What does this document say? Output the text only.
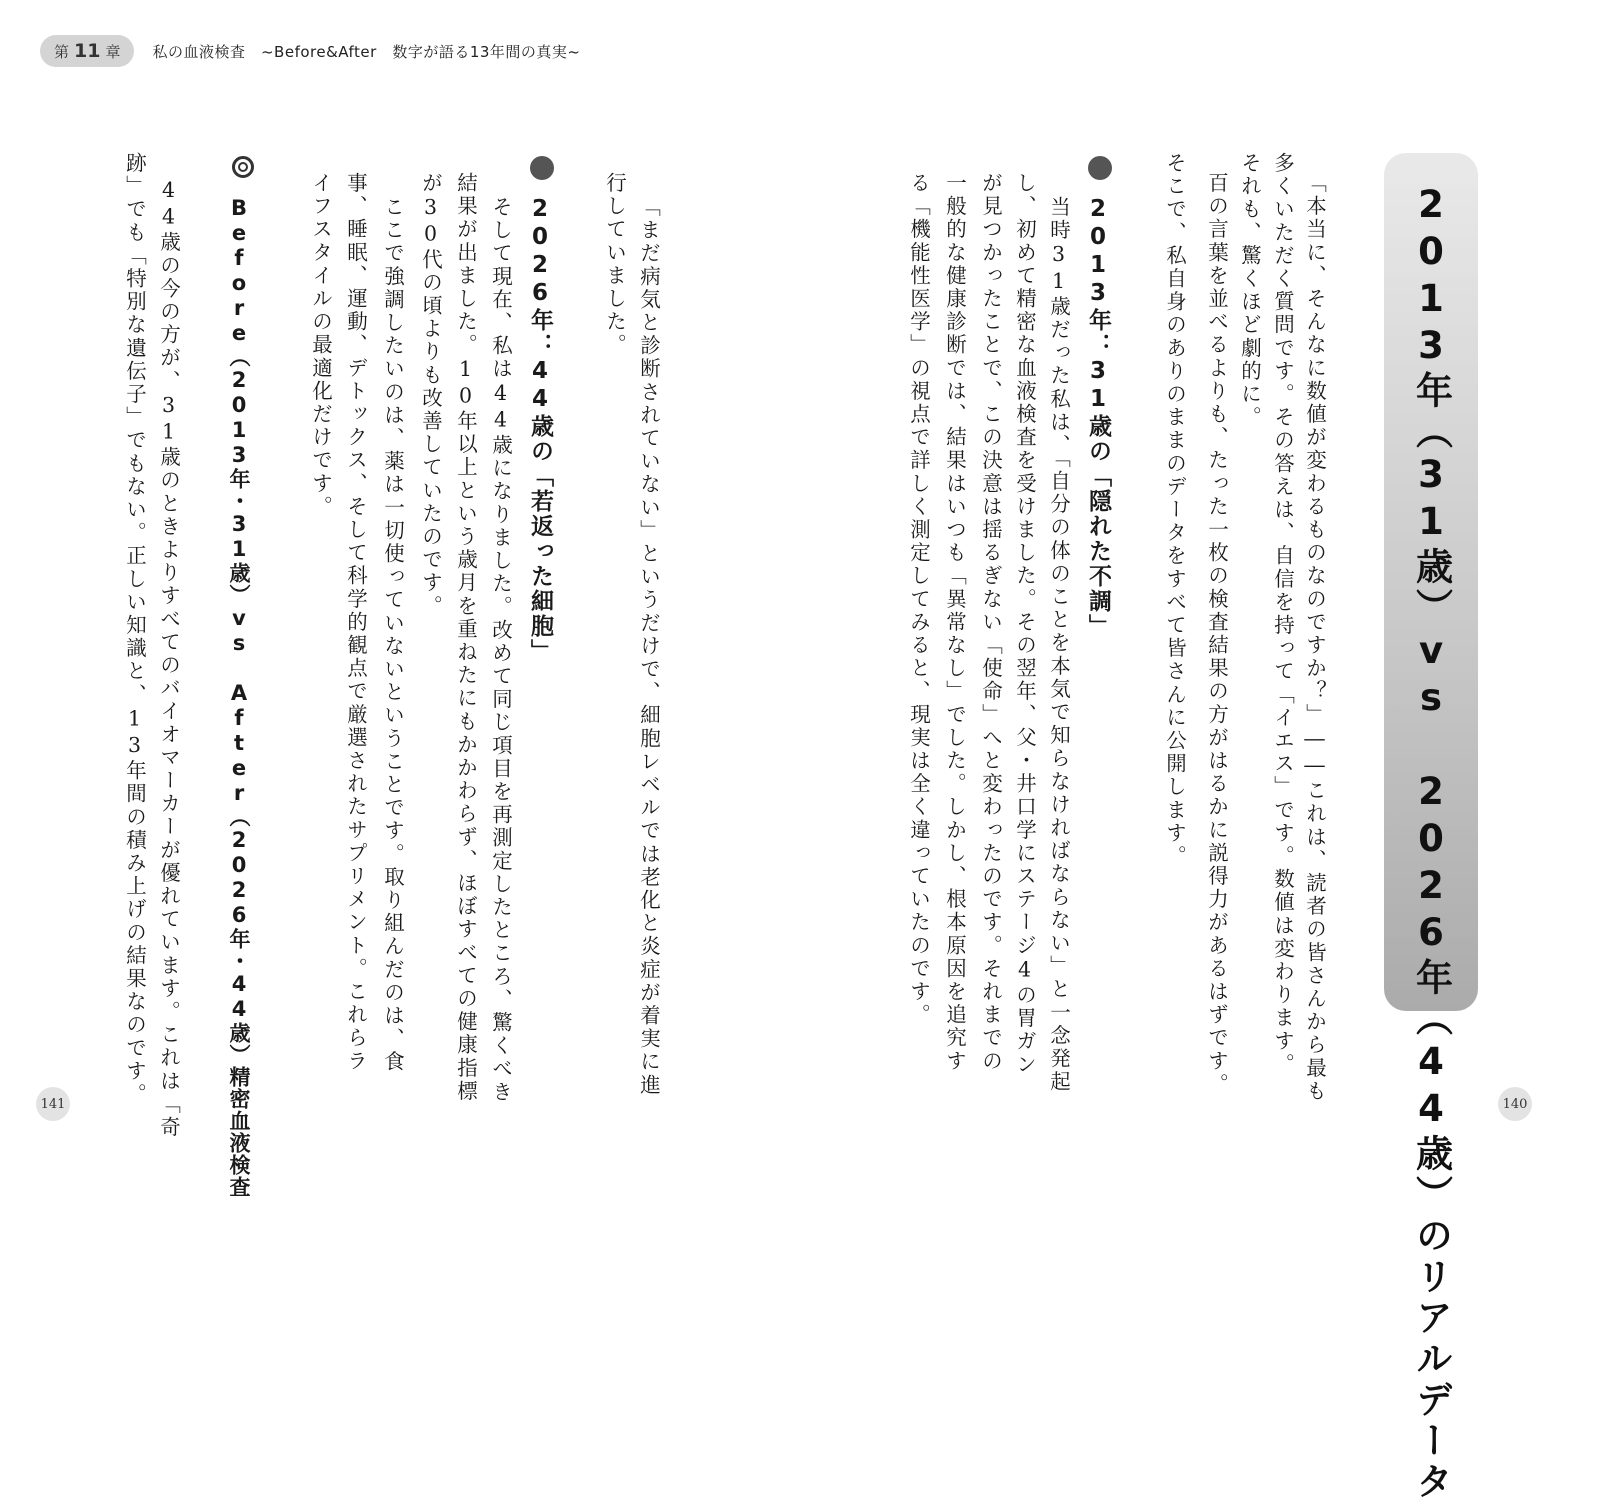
第 11 章 私の血液検査　~Before&After　数字が語る13年間の真実~
2013年（31歳）vs 2026年（44歳）のリアルデータ
「本当に、そんなに数値が変わるものなのですか？」――これは、読者の皆さんから最も
多くいただく質問です。その答えは、自信を持って「イエス」です。数値は変わります。
それも、驚くほど劇的に。
百の言葉を並べるよりも、たった一枚の検査結果の方がはるかに説得力があるはずです。
そこで、私自身のありのままのデータをすべて皆さんに公開します。
2013年：31歳の「隠れた不調」
当時31歳だった私は、「自分の体のことを本気で知らなければならない」と一念発起
し、初めて精密な血液検査を受けました。その翌年、父・井口学にステージ4の胃ガン
が見つかったことで、この決意は揺るぎない「使命」へと変わったのです。それまでの
一般的な健康診断では、結果はいつも「異常なし」でした。しかし、根本原因を追究す
る「機能性医学」の視点で詳しく測定してみると、現実は全く違っていたのです。
140
「まだ病気と診断されていない」というだけで、細胞レベルでは老化と炎症が着実に進
行していました。
2026年：44歳の「若返った細胞」
そして現在、私は44歳になりました。改めて同じ項目を再測定したところ、驚くべき
結果が出ました。10年以上という歳月を重ねたにもかかわらず、ほぼすべての健康指標
が30代の頃よりも改善していたのです。
ここで強調したいのは、薬は一切使っていないということです。取り組んだのは、食
事、睡眠、運動、デトックス、そして科学的観点で厳選されたサプリメント。これらラ
イフスタイルの最適化だけです。
Before（2013年・31歳）vs After（2026年・44歳）精密血液検査
44歳の今の方が、31歳のときよりすべてのバイオマーカーが優れています。これは「奇
跡」でも「特別な遺伝子」でもない。正しい知識と、13年間の積み上げの結果なのです。
141
